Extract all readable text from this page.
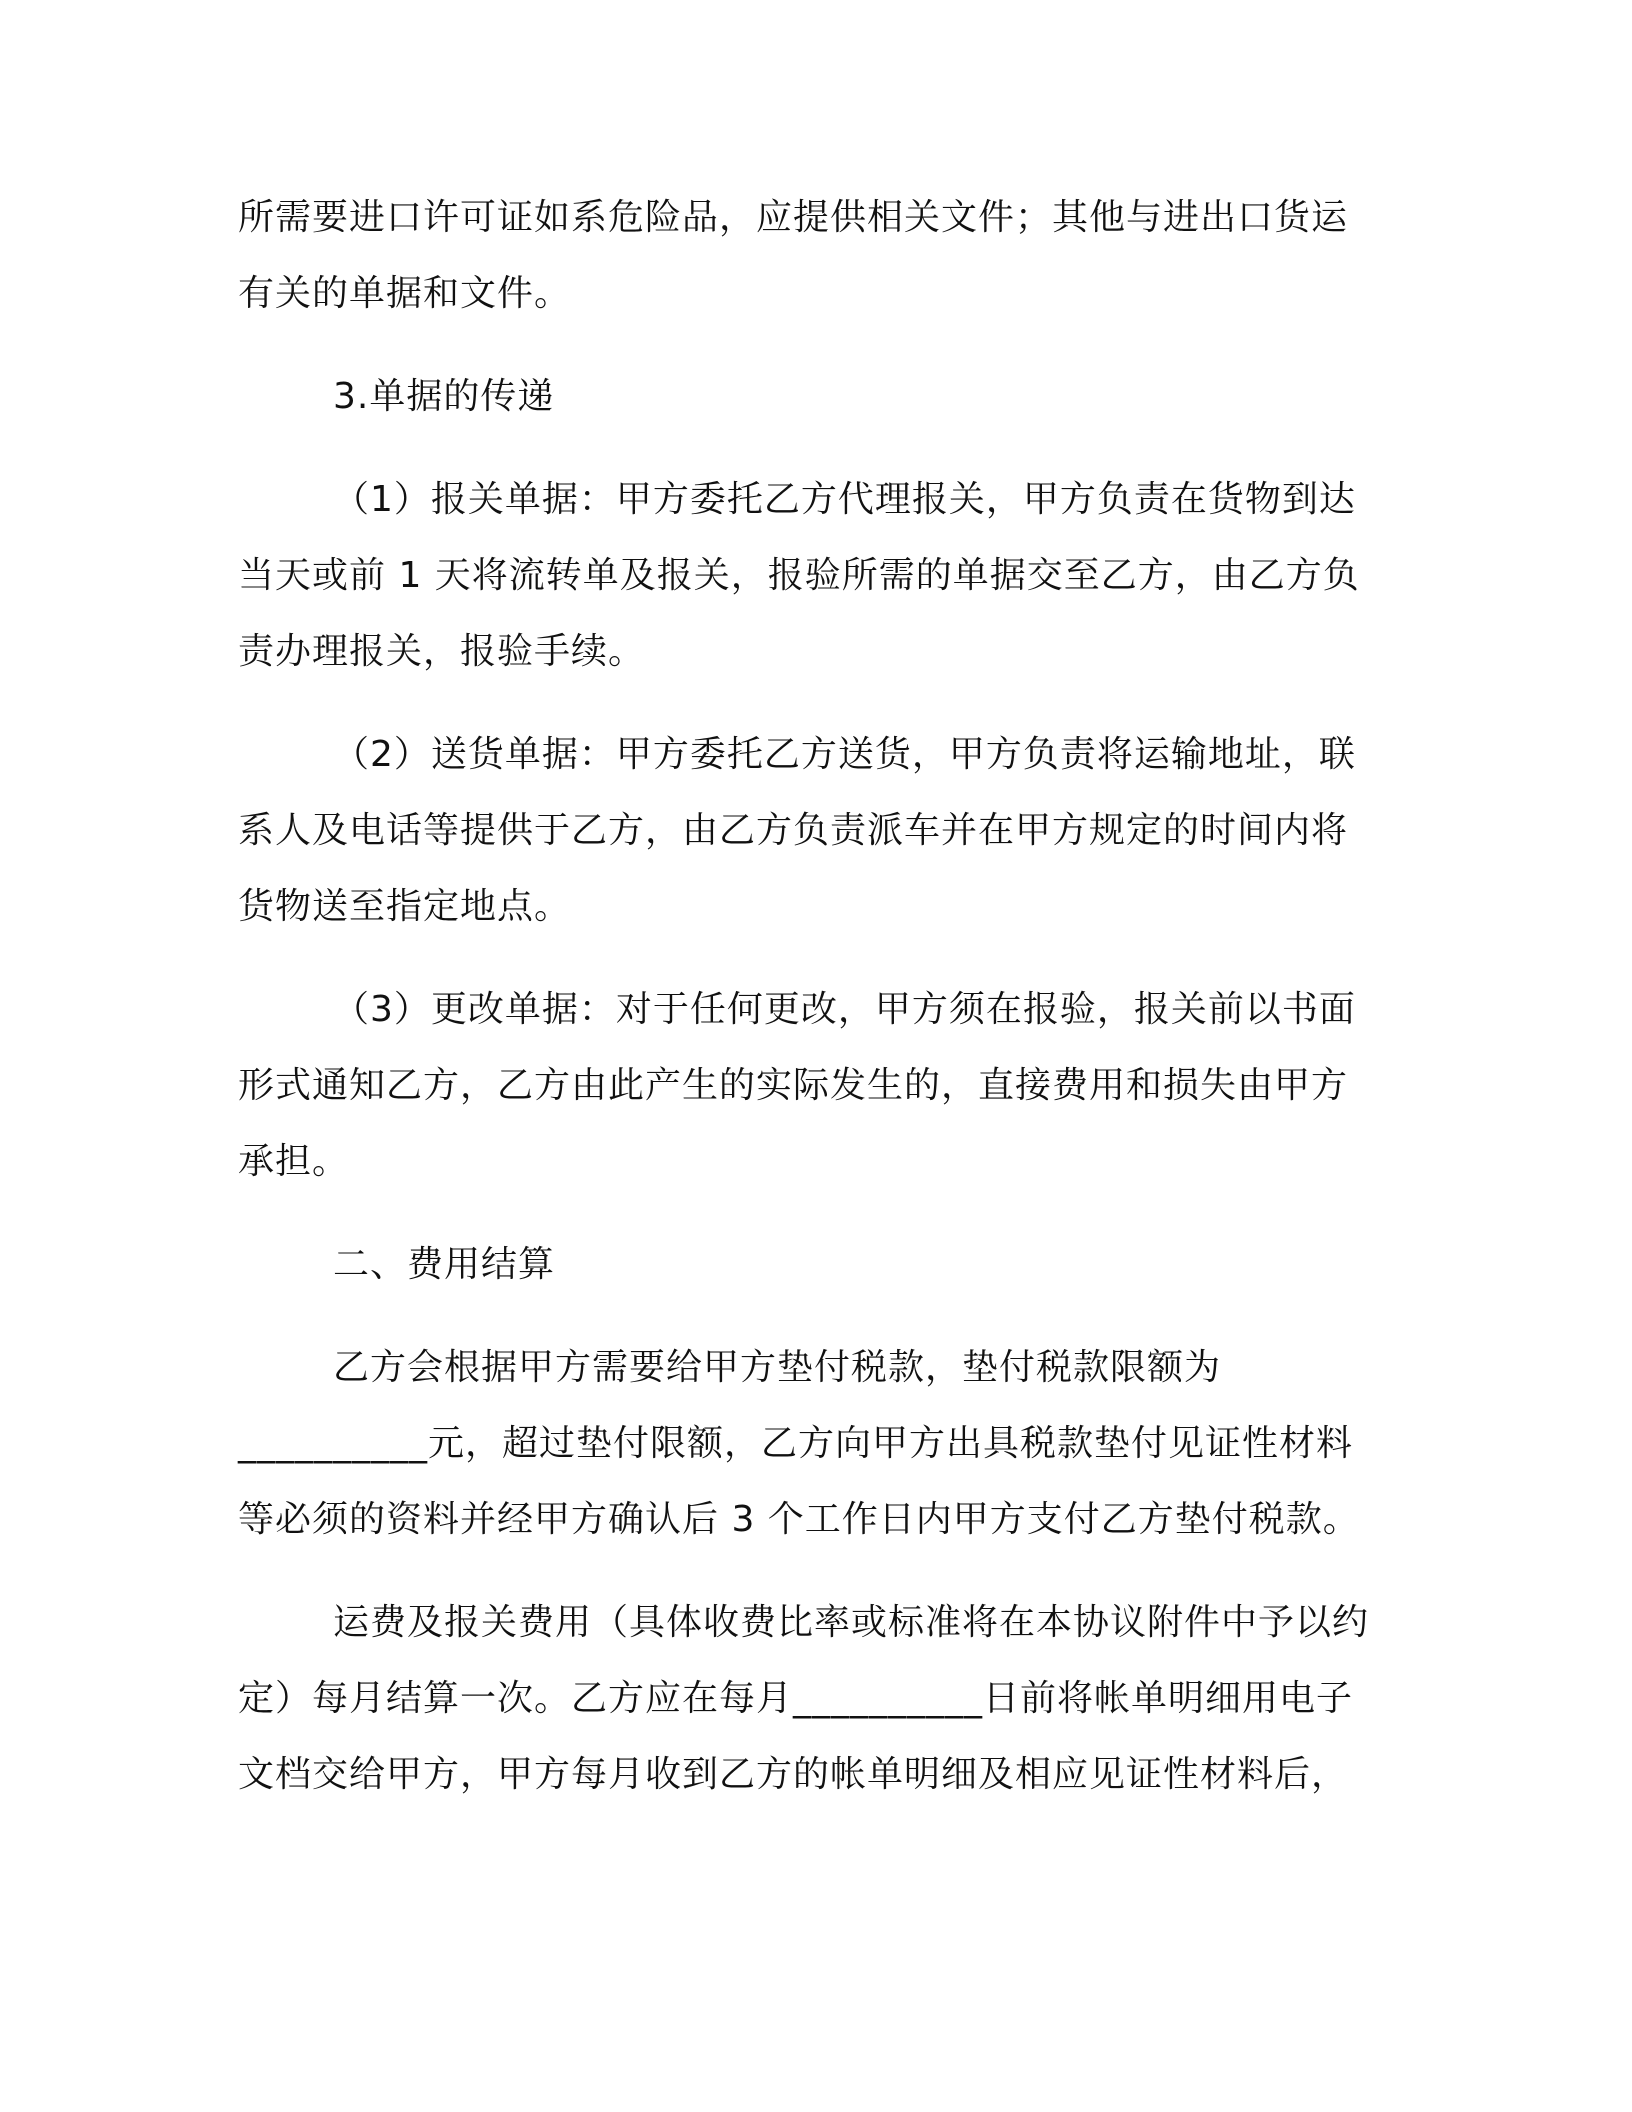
所需要进口许可证如系危险品，应提供相关文件；其他与进出口货运
有关的单据和文件。
3.单据的传递
（1）报关单据：甲方委托乙方代理报关，甲方负责在货物到达
当天或前 1 天将流转单及报关，报验所需的单据交至乙方，由乙方负
责办理报关，报验手续。
（2）送货单据：甲方委托乙方送货，甲方负责将运输地址，联
系人及电话等提供于乙方，由乙方负责派车并在甲方规定的时间内将
货物送至指定地点。
（3）更改单据：对于任何更改，甲方须在报验，报关前以书面
形式通知乙方，乙方由此产生的实际发生的，直接费用和损失由甲方
承担。
二、费用结算
乙方会根据甲方需要给甲方垫付税款，垫付税款限额为
__________元，超过垫付限额，乙方向甲方出具税款垫付见证性材料
等必须的资料并经甲方确认后 3 个工作日内甲方支付乙方垫付税款。
运费及报关费用（具体收费比率或标准将在本协议附件中予以约
定）每月结算一次。乙方应在每月__________日前将帐单明细用电子
文档交给甲方，甲方每月收到乙方的帐单明细及相应见证性材料后，
